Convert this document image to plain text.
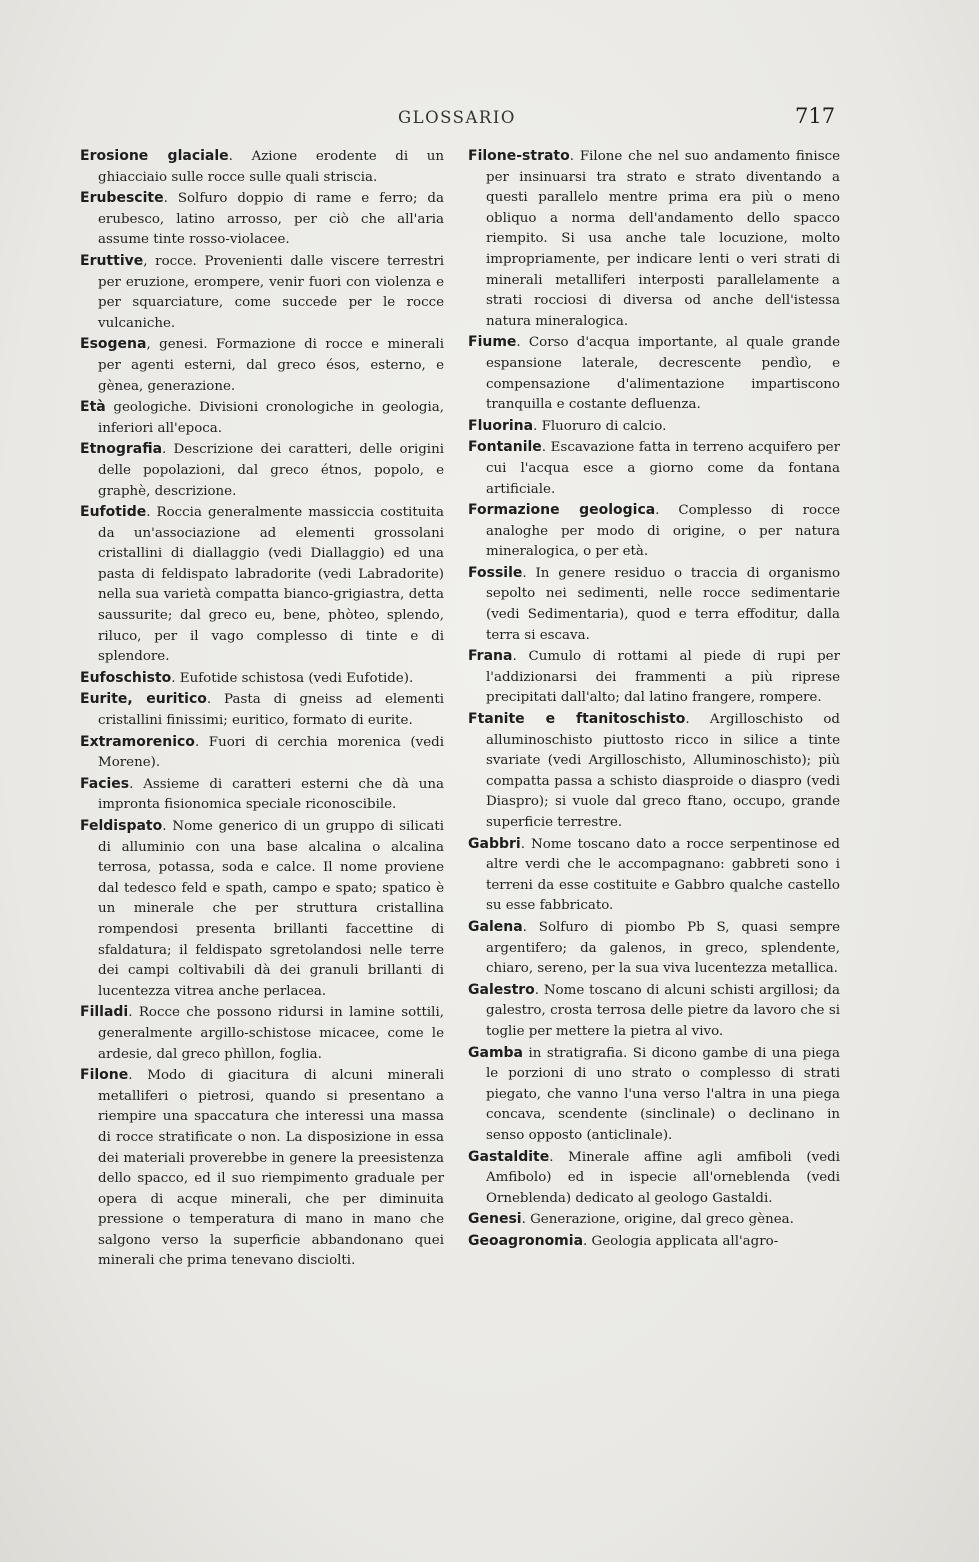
GLOSSARIO	717

Erosione glaciale. Azione erodente di un ghiacciaio sulle rocce sulle quali striscia.

Erubescite. Solfuro doppio di rame e ferro; da erubesco, latino arrosso, per ciò che all'aria assume tinte rosso-violacee.

Eruttive, rocce. Provenienti dalle viscere terrestri per eruzione, erompere, venir fuori con violenza e per squarciature, come succede per le rocce vulcaniche.

Esogena, genesi. Formazione di rocce e minerali per agenti esterni, dal greco ésos, esterno, e gènea, generazione.

Età geologiche. Divisioni cronologiche in geologia, inferiori all'epoca.

Etnografia. Descrizione dei caratteri, delle origini delle popolazioni, dal greco étnos, popolo, e graphè, descrizione.

Eufotide. Roccia generalmente massiccia costituita da un'associazione ad elementi grossolani cristallini di diallaggio (vedi Diallaggio) ed una pasta di feldispato labradorite (vedi Labradorite) nella sua varietà compatta bianco-grigiastra, detta saussurite; dal greco eu, bene, phòteo, splendo, riluco, per il vago complesso di tinte e di splendore.

Eufoschisto. Eufotide schistosa (vedi Eufotide).

Eurite, euritico. Pasta di gneiss ad elementi cristallini finissimi; euritico, formato di eurite.

Extramorenico. Fuori di cerchia morenica (vedi Morene).

Facies. Assieme di caratteri esterni che dà una impronta fisionomica speciale riconoscibile.

Feldispato. Nome generico di un gruppo di silicati di alluminio con una base alcalina o alcalina terrosa, potassa, soda e calce. Il nome proviene dal tedesco feld e spath, campo e spato; spatico è un minerale che per struttura cristallina rompendosi presenta brillanti faccettine di sfaldatura; il feldispato sgretolandosi nelle terre dei campi coltivabili dà dei granuli brillanti di lucentezza vitrea anche perlacea.

Filladi. Rocce che possono ridursi in lamine sottili, generalmente argillo-schistose micacee, come le ardesie, dal greco phìllon, foglia.

Filone. Modo di giacitura di alcuni minerali metalliferi o pietrosi, quando si presentano a riempire una spaccatura che interessi una massa di rocce stratificate o non. La disposizione in essa dei materiali proverebbe in genere la preesistenza dello spacco, ed il suo riempimento graduale per opera di acque minerali, che per diminuita pressione o temperatura di mano in mano che salgono verso la superficie abbandonano quei minerali che prima tenevano disciolti.

Filone-strato. Filone che nel suo andamento finisce per insinuarsi tra strato e strato diventando a questi parallelo mentre prima era più o meno obliquo a norma dell'andamento dello spacco riempito. Si usa anche tale locuzione, molto impropriamente, per indicare lenti o veri strati di minerali metalliferi interposti parallelamente a strati rocciosi di diversa od anche dell'istessa natura mineralogica.

Fiume. Corso d'acqua importante, al quale grande espansione laterale, decrescente pendìo, e compensazione d'alimentazione impartiscono tranquilla e costante defluenza.

Fluorina. Fluoruro di calcio.

Fontanile. Escavazione fatta in terreno acquifero per cui l'acqua esce a giorno come da fontana artificiale.

Formazione geologica. Complesso di rocce analoghe per modo di origine, o per natura mineralogica, o per età.

Fossile. In genere residuo o traccia di organismo sepolto nei sedimenti, nelle rocce sedimentarie (vedi Sedimentaria), quod e terra effoditur, dalla terra si escava.

Frana. Cumulo di rottami al piede di rupi per l'addizionarsi dei frammenti a più riprese precipitati dall'alto; dal latino frangere, rompere.

Ftanite e ftanitoschisto. Argilloschisto od alluminoschisto piuttosto ricco in silice a tinte svariate (vedi Argilloschisto, Alluminoschisto); più compatta passa a schisto diasproide o diaspro (vedi Diaspro); si vuole dal greco ftano, occupo, grande superficie terrestre.

Gabbri. Nome toscano dato a rocce serpentinose ed altre verdi che le accompagnano: gabbreti sono i terreni da esse costituite e Gabbro qualche castello su esse fabbricato.

Galena. Solfuro di piombo Pb S, quasi sempre argentifero; da galenos, in greco, splendente, chiaro, sereno, per la sua viva lucentezza metallica.

Galestro. Nome toscano di alcuni schisti argillosi; da galestro, crosta terrosa delle pietre da lavoro che si toglie per mettere la pietra al vivo.

Gamba in stratigrafia. Si dicono gambe di una piega le porzioni di uno strato o complesso di strati piegato, che vanno l'una verso l'altra in una piega concava, scendente (sinclinale) o declinano in senso opposto (anticlinale).

Gastaldite. Minerale affine agli amfiboli (vedi Amfibolo) ed in ispecie all'orneblenda (vedi Orneblenda) dedicato al geologo Gastaldi.

Genesi. Generazione, origine, dal greco gènea.

Geoagronomia. Geologia applicata all'agro-
